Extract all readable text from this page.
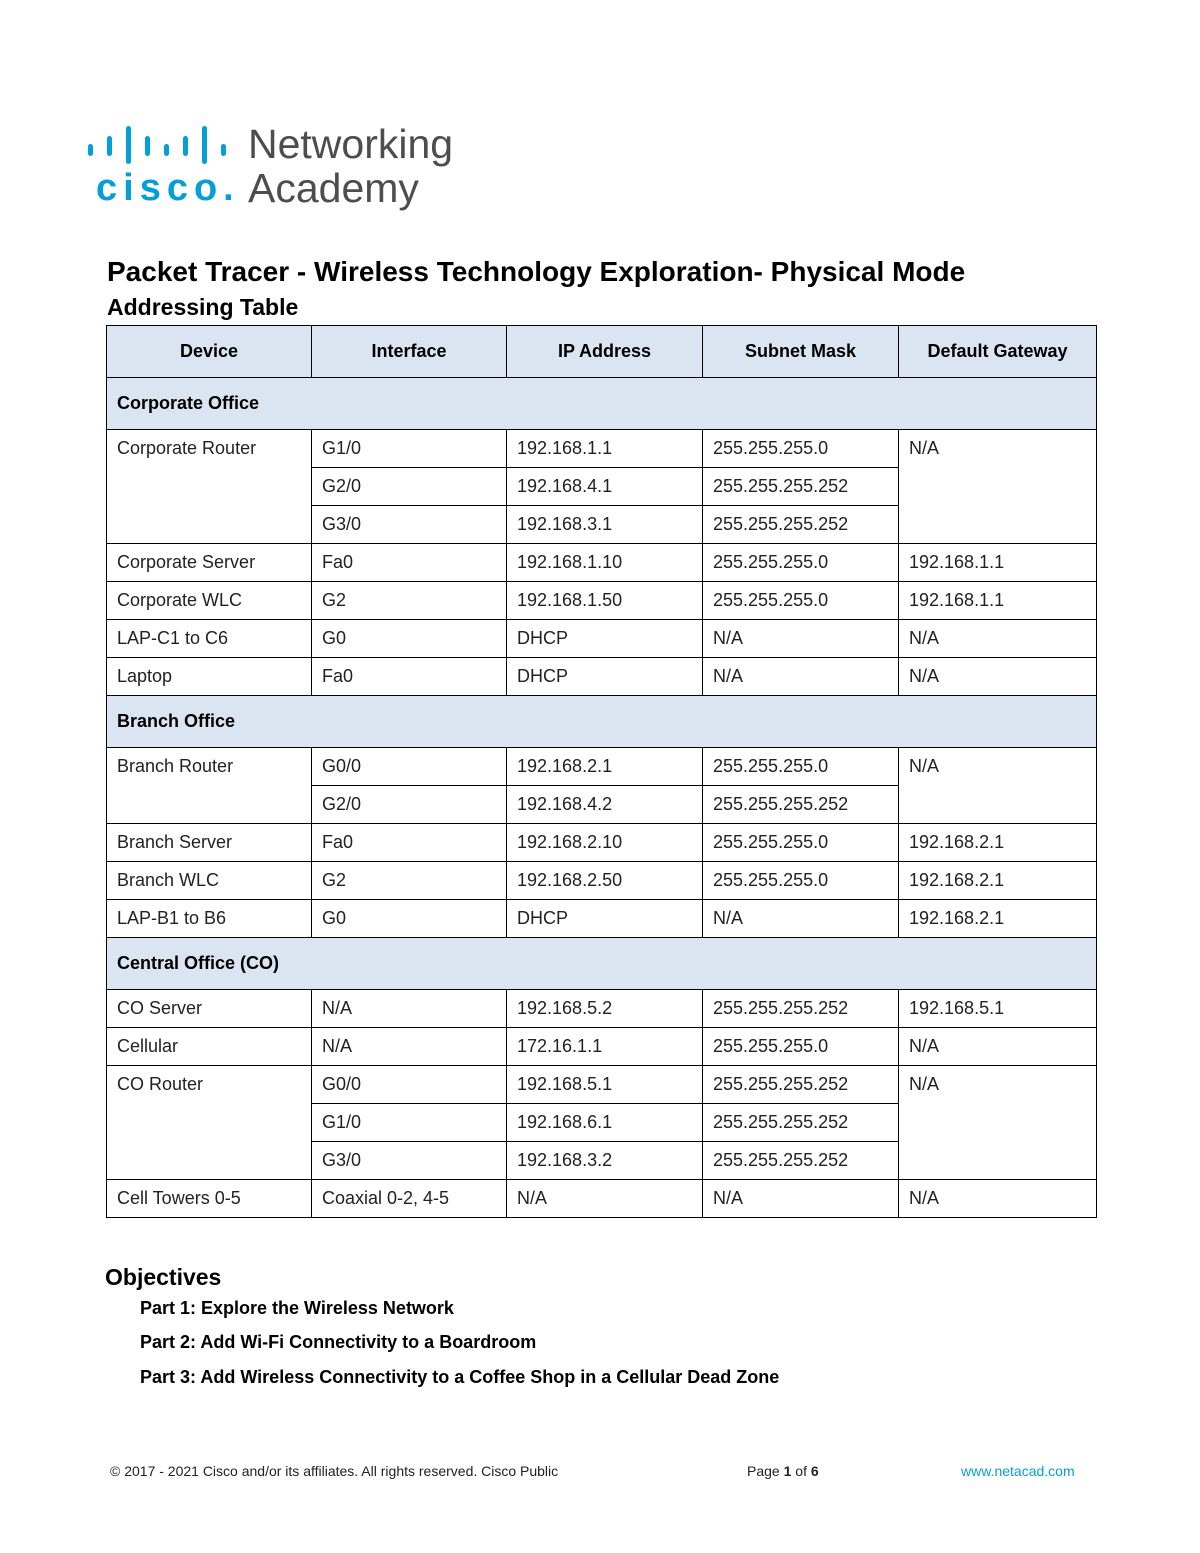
cisco.
Networking
Academy
Packet Tracer - Wireless Technology Exploration- Physical Mode
Addressing Table
Device	Interface	IP Address	Subnet Mask	Default Gateway
Corporate Office				
Corporate Router	G1/0	192.168.1.1	255.255.255.0	N/A
	G2/0	192.168.4.1	255.255.255.252	
	G3/0	192.168.3.1	255.255.255.252	
Corporate Server	Fa0	192.168.1.10	255.255.255.0	192.168.1.1
Corporate WLC	G2	192.168.1.50	255.255.255.0	192.168.1.1
LAP-C1 to C6	G0	DHCP	N/A	N/A
Laptop	Fa0	DHCP	N/A	N/A
Branch Office				
Branch Router	G0/0	192.168.2.1	255.255.255.0	N/A
	G2/0	192.168.4.2	255.255.255.252	
Branch Server	Fa0	192.168.2.10	255.255.255.0	192.168.2.1
Branch WLC	G2	192.168.2.50	255.255.255.0	192.168.2.1
LAP-B1 to B6	G0	DHCP	N/A	192.168.2.1
Central Office (CO)				
CO Server	N/A	192.168.5.2	255.255.255.252	192.168.5.1
Cellular	N/A	172.16.1.1	255.255.255.0	N/A
CO Router	G0/0	192.168.5.1	255.255.255.252	N/A
	G1/0	192.168.6.1	255.255.255.252	
	G3/0	192.168.3.2	255.255.255.252	
Cell Towers 0-5	Coaxial 0-2, 4-5	N/A	N/A	N/A
Objectives
Part 1: Explore the Wireless Network
Part 2: Add Wi-Fi Connectivity to a Boardroom
Part 3: Add Wireless Connectivity to a Coffee Shop in a Cellular Dead Zone
© 2017 - 2021 Cisco and/or its affiliates. All rights reserved. Cisco Public	Page 1 of 6	www.netacad.com
